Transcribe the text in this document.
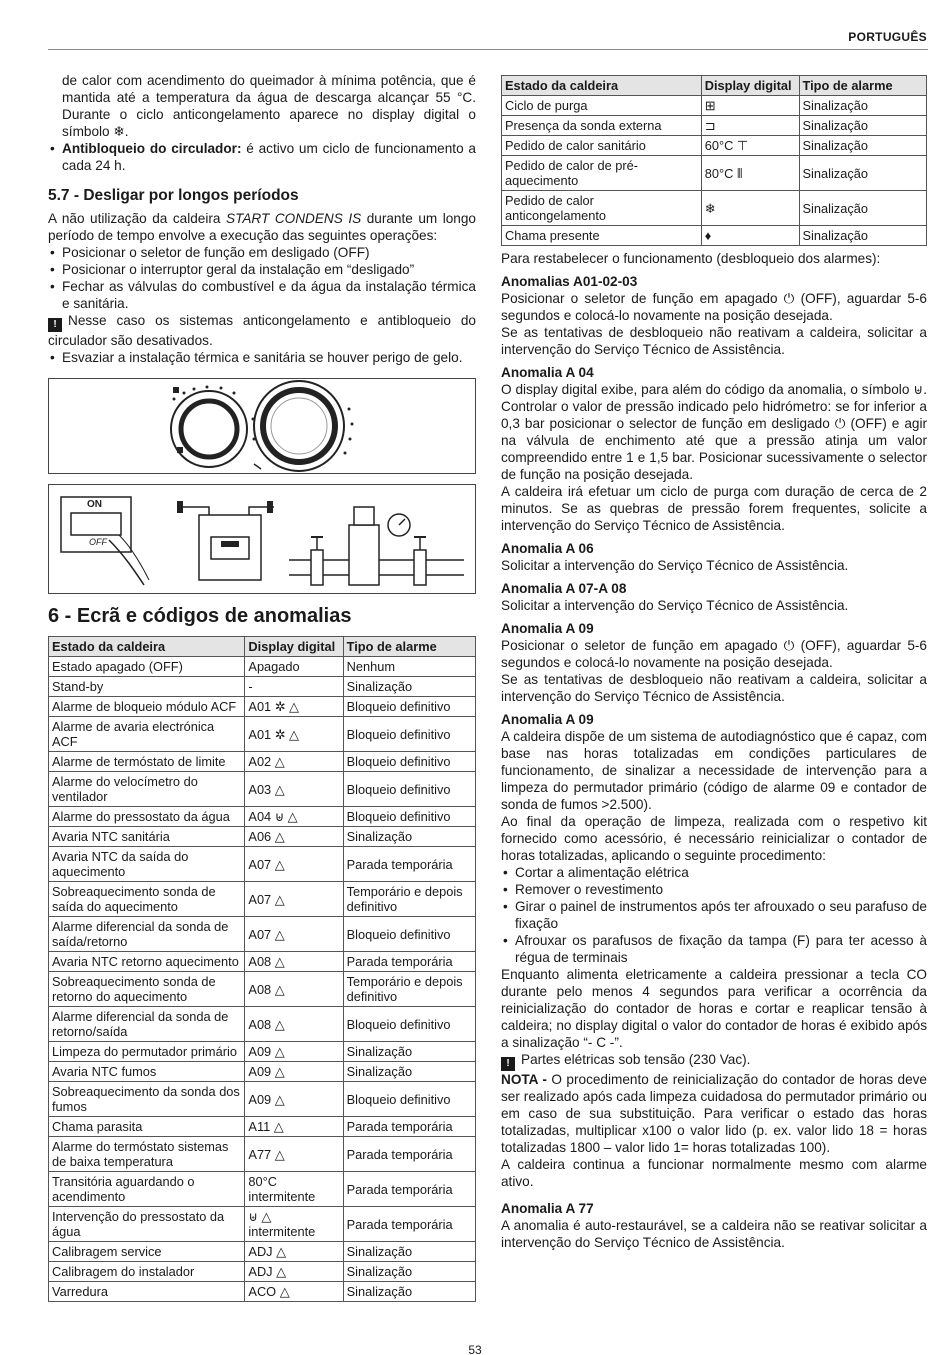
PORTUGUÊS

de calor com acendimento do queimador à mínima potência, que é mantida até a temperatura da água de descarga alcançar 55 °C. Durante o ciclo anticongelamento aparece no display digital o símbolo ❄.

• Antibloqueio do circulador: é activo um ciclo de funcionamento a cada 24 h.
5.7 - Desligar por longos períodos

A não utilização da caldeira START CONDENS IS durante um longo período de tempo envolve a execução das seguintes operações:

• Posicionar o seletor de função em desligado (OFF)
• Posicionar o interruptor geral da instalação em “desligado”
• Fechar as válvulas do combustível e da água da instalação térmica e sanitária.

! Nesse caso os sistemas anticongelamento e antibloqueio do circulador são desativados.

• Esvaziar a instalação térmica e sanitária se houver perigo de gelo.
ON
OFF
6 - Ecrã e códigos de anomalias
Estado da caldeira	Display digital	Tipo de alarme
Estado apagado (OFF)	Apagado	Nenhum
Stand-by	-	Sinalização
Alarme de bloqueio módulo ACF	A01 ✲ △	Bloqueio definitivo
Alarme de avaria electrónica ACF	A01 ✲ △	Bloqueio definitivo
Alarme de termóstato de limite	A02 △	Bloqueio definitivo
Alarme do velocímetro do ventilador	A03 △	Bloqueio definitivo
Alarme do pressostato da água	A04 ⊎ △	Bloqueio definitivo
Avaria NTC sanitária	A06 △	Sinalização
Avaria NTC da saída do aquecimento	A07 △	Parada temporária
Sobreaquecimento sonda de saída do aquecimento	A07 △	Temporário e depois definitivo
Alarme diferencial da sonda de saída/retorno	A07 △	Bloqueio definitivo
Avaria NTC retorno aquecimento	A08 △	Parada temporária
Sobreaquecimento sonda de retorno do aquecimento	A08 △	Temporário e depois definitivo
Alarme diferencial da sonda de retorno/saída	A08 △	Bloqueio definitivo
Limpeza do permutador primário	A09 △	Sinalização
Avaria NTC fumos	A09 △	Sinalização
Sobreaquecimento da sonda dos fumos	A09 △	Bloqueio definitivo
Chama parasita	A11 △	Parada temporária
Alarme do termóstato sistemas de baixa temperatura	A77 △	Parada temporária
Transitória aguardando o acendimento	80°C intermitente	Parada temporária
Intervenção do pressostato da água	⊎ △ intermitente	Parada temporária
Calibragem service	ADJ △	Sinalização
Calibragem do instalador	ADJ △	Sinalização
Varredura	ACO △	Sinalização
Estado da caldeira	Display digital	Tipo de alarme
Ciclo de purga	⊞	Sinalização
Presença da sonda externa	⊐	Sinalização
Pedido de calor sanitário	60°C ⊤	Sinalização
Pedido de calor de pré-aquecimento	80°C ⦀	Sinalização
Pedido de calor anticongelamento	❄	Sinalização
Chama presente	♦	Sinalização

Para restabelecer o funcionamento (desbloqueio dos alarmes):

Anomalias A01-02-03

Posicionar o seletor de função em apagado ⏻ (OFF), aguardar 5-6 segundos e colocá-lo novamente na posição desejada.

Se as tentativas de desbloqueio não reativam a caldeira, solicitar a intervenção do Serviço Técnico de Assistência.

Anomalia A 04

O display digital exibe, para além do código da anomalia, o símbolo ⊎. Controlar o valor de pressão indicado pelo hidrómetro: se for inferior a 0,3 bar posicionar o selector de função em desligado ⏻ (OFF) e agir na válvula de enchimento até que a pressão atinja um valor compreendido entre 1 e 1,5 bar. Posicionar sucessivamente o selector de função na posição desejada.

A caldeira irá efetuar um ciclo de purga com duração de cerca de 2 minutos. Se as quebras de pressão forem frequentes, solicite a intervenção do Serviço Técnico de Assistência.

Anomalia A 06

Solicitar a intervenção do Serviço Técnico de Assistência.

Anomalia A 07-A 08

Solicitar a intervenção do Serviço Técnico de Assistência.

Anomalia A 09

Posicionar o seletor de função em apagado ⏻ (OFF), aguardar 5-6 segundos e colocá-lo novamente na posição desejada.

Se as tentativas de desbloqueio não reativam a caldeira, solicitar a intervenção do Serviço Técnico de Assistência.

Anomalia A 09

A caldeira dispõe de um sistema de autodiagnóstico que é capaz, com base nas horas totalizadas em condições particulares de funcionamento, de sinalizar a necessidade de intervenção para a limpeza do permutador primário (código de alarme 09 e contador de sonda de fumos >2.500).

Ao final da operação de limpeza, realizada com o respetivo kit fornecido como acessório, é necessário reinicializar o contador de horas totalizadas, aplicando o seguinte procedimento:

• Cortar a alimentação elétrica
• Remover o revestimento
• Girar o painel de instrumentos após ter afrouxado o seu parafuso de fixação
• Afrouxar os parafusos de fixação da tampa (F) para ter acesso à régua de terminais

Enquanto alimenta eletricamente a caldeira pressionar a tecla CO durante pelo menos 4 segundos para verificar a ocorrência da reinicialização do contador de horas e cortar e reaplicar tensão à caldeira; no display digital o valor do contador de horas é exibido após a sinalização “- C -”.

! Partes elétricas sob tensão (230 Vac).

NOTA - O procedimento de reinicialização do contador de horas deve ser realizado após cada limpeza cuidadosa do permutador primário ou em caso de sua substituição. Para verificar o estado das horas totalizadas, multiplicar x100 o valor lido (p. ex. valor lido 18 = horas totalizadas 1800 – valor lido 1= horas totalizadas 100).

A caldeira continua a funcionar normalmente mesmo com alarme ativo.

Anomalia A 77

A anomalia é auto-restaurável, se a caldeira não se reativar solicitar a intervenção do Serviço Técnico de Assistência.

53
